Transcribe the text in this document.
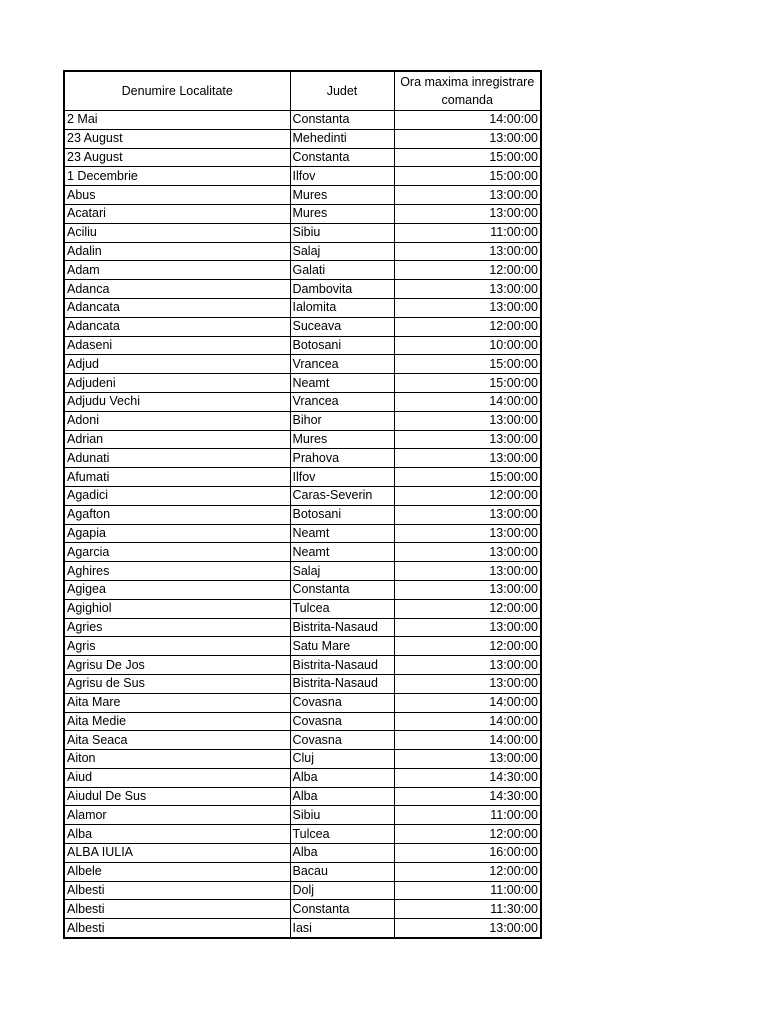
Denumire Localitate	Judet	Ora maxima inregistrare comanda
2 Mai	Constanta	14:00:00
23 August	Mehedinti	13:00:00
23 August	Constanta	15:00:00
1 Decembrie	Ilfov	15:00:00
Abus	Mures	13:00:00
Acatari	Mures	13:00:00
Aciliu	Sibiu	11:00:00
Adalin	Salaj	13:00:00
Adam	Galati	12:00:00
Adanca	Dambovita	13:00:00
Adancata	Ialomita	13:00:00
Adancata	Suceava	12:00:00
Adaseni	Botosani	10:00:00
Adjud	Vrancea	15:00:00
Adjudeni	Neamt	15:00:00
Adjudu Vechi	Vrancea	14:00:00
Adoni	Bihor	13:00:00
Adrian	Mures	13:00:00
Adunati	Prahova	13:00:00
Afumati	Ilfov	15:00:00
Agadici	Caras-Severin	12:00:00
Agafton	Botosani	13:00:00
Agapia	Neamt	13:00:00
Agarcia	Neamt	13:00:00
Aghires	Salaj	13:00:00
Agigea	Constanta	13:00:00
Agighiol	Tulcea	12:00:00
Agries	Bistrita-Nasaud	13:00:00
Agris	Satu Mare	12:00:00
Agrisu De Jos	Bistrita-Nasaud	13:00:00
Agrisu de Sus	Bistrita-Nasaud	13:00:00
Aita Mare	Covasna	14:00:00
Aita Medie	Covasna	14:00:00
Aita Seaca	Covasna	14:00:00
Aiton	Cluj	13:00:00
Aiud	Alba	14:30:00
Aiudul De Sus	Alba	14:30:00
Alamor	Sibiu	11:00:00
Alba	Tulcea	12:00:00
ALBA IULIA	Alba	16:00:00
Albele	Bacau	12:00:00
Albesti	Dolj	11:00:00
Albesti	Constanta	11:30:00
Albesti	Iasi	13:00:00
